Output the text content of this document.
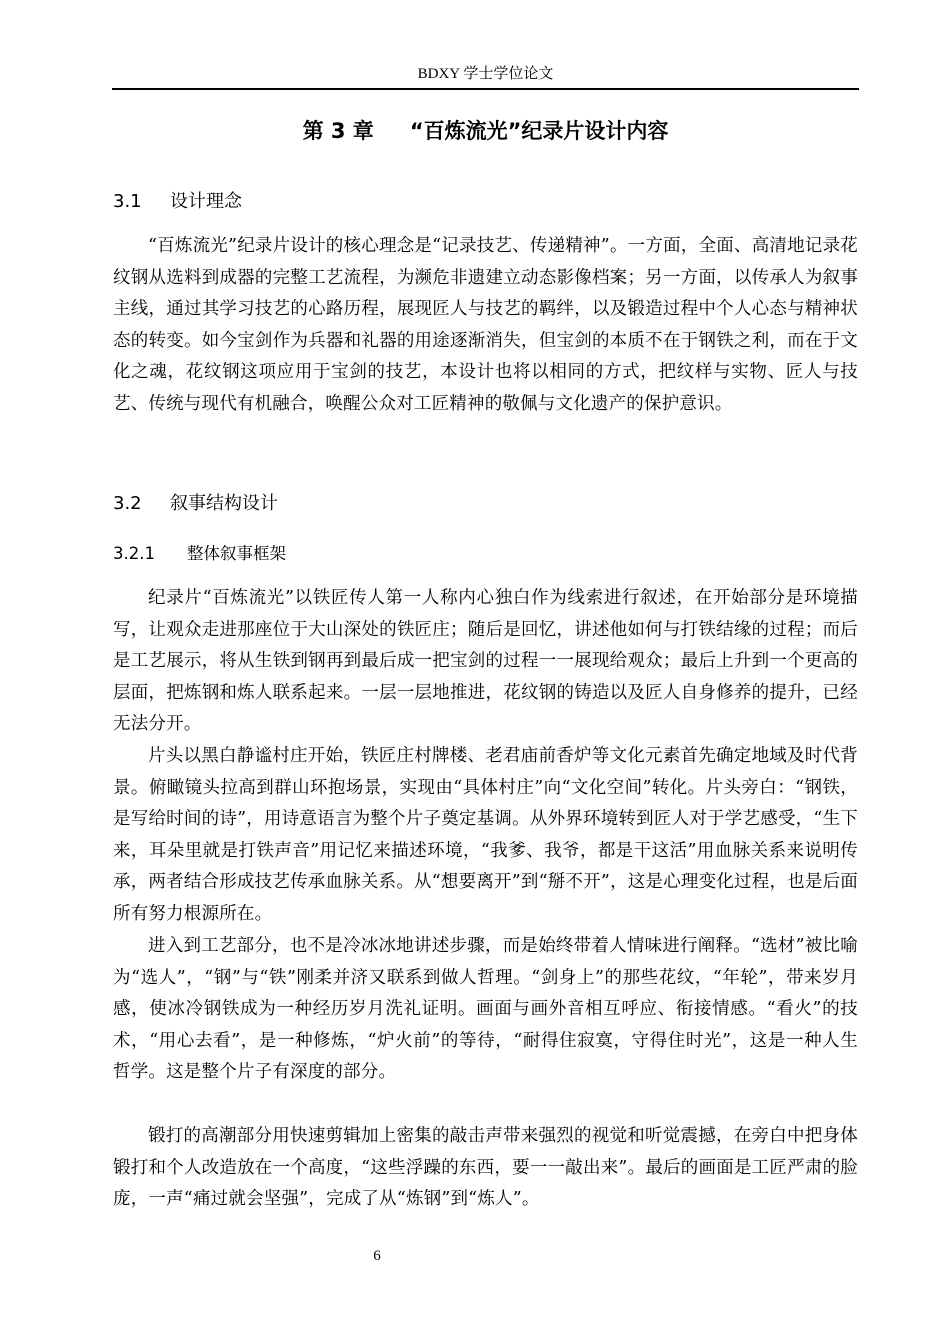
BDXY 学士学位论文
第 3 章 “百炼流光”纪录片设计内容
3.1 设计理念

“百炼流光”纪录片设计的核心理念是“记录技艺、传递精神”。一方面，全面、高清地记录花纹钢从选料到成器的完整工艺流程，为濒危非遗建立动态影像档案；另一方面，以传承人为叙事主线，通过其学习技艺的心路历程，展现匠人与技艺的羁绊，以及锻造过程中个人心态与精神状态的转变。如今宝剑作为兵器和礼器的用途逐渐消失，但宝剑的本质不在于钢铁之利，而在于文化之魂，花纹钢这项应用于宝剑的技艺，本设计也将以相同的方式，把纹样与实物、匠人与技艺、传统与现代有机融合，唤醒公众对工匠精神的敬佩与文化遗产的保护意识。

3.2 叙事结构设计
3.2.1 整体叙事框架

纪录片“百炼流光”以铁匠传人第一人称内心独白作为线索进行叙述，在开始部分是环境描写，让观众走进那座位于大山深处的铁匠庄；随后是回忆，讲述他如何与打铁结缘的过程；而后是工艺展示，将从生铁到钢再到最后成一把宝剑的过程一一展现给观众；最后上升到一个更高的层面，把炼钢和炼人联系起来。一层一层地推进，花纹钢的铸造以及匠人自身修养的提升，已经无法分开。

片头以黑白静谧村庄开始，铁匠庄村牌楼、老君庙前香炉等文化元素首先确定地域及时代背景。俯瞰镜头拉高到群山环抱场景，实现由“具体村庄”向“文化空间”转化。片头旁白：“钢铁，是写给时间的诗”，用诗意语言为整个片子奠定基调。从外界环境转到匠人对于学艺感受，“生下来，耳朵里就是打铁声音”用记忆来描述环境，“我爹、我爷，都是干这活”用血脉关系来说明传承，两者结合形成技艺传承血脉关系。从“想要离开”到“掰不开”，这是心理变化过程，也是后面所有努力根源所在。

进入到工艺部分，也不是冷冰冰地讲述步骤，而是始终带着人情味进行阐释。“选材”被比喻为“选人”，“钢”与“铁”刚柔并济又联系到做人哲理。“剑身上”的那些花纹，“年轮”，带来岁月感，使冰冷钢铁成为一种经历岁月洗礼证明。画面与画外音相互呼应、衔接情感。“看火”的技术，“用心去看”，是一种修炼，“炉火前”的等待，“耐得住寂寞，守得住时光”，这是一种人生哲学。这是整个片子有深度的部分。

锻打的高潮部分用快速剪辑加上密集的敲击声带来强烈的视觉和听觉震撼，在旁白中把身体锻打和个人改造放在一个高度，“这些浮躁的东西，要一一敲出来”。最后的画面是工匠严肃的脸庞，一声“痛过就会坚强”，完成了从“炼钢”到“炼人”。

6
